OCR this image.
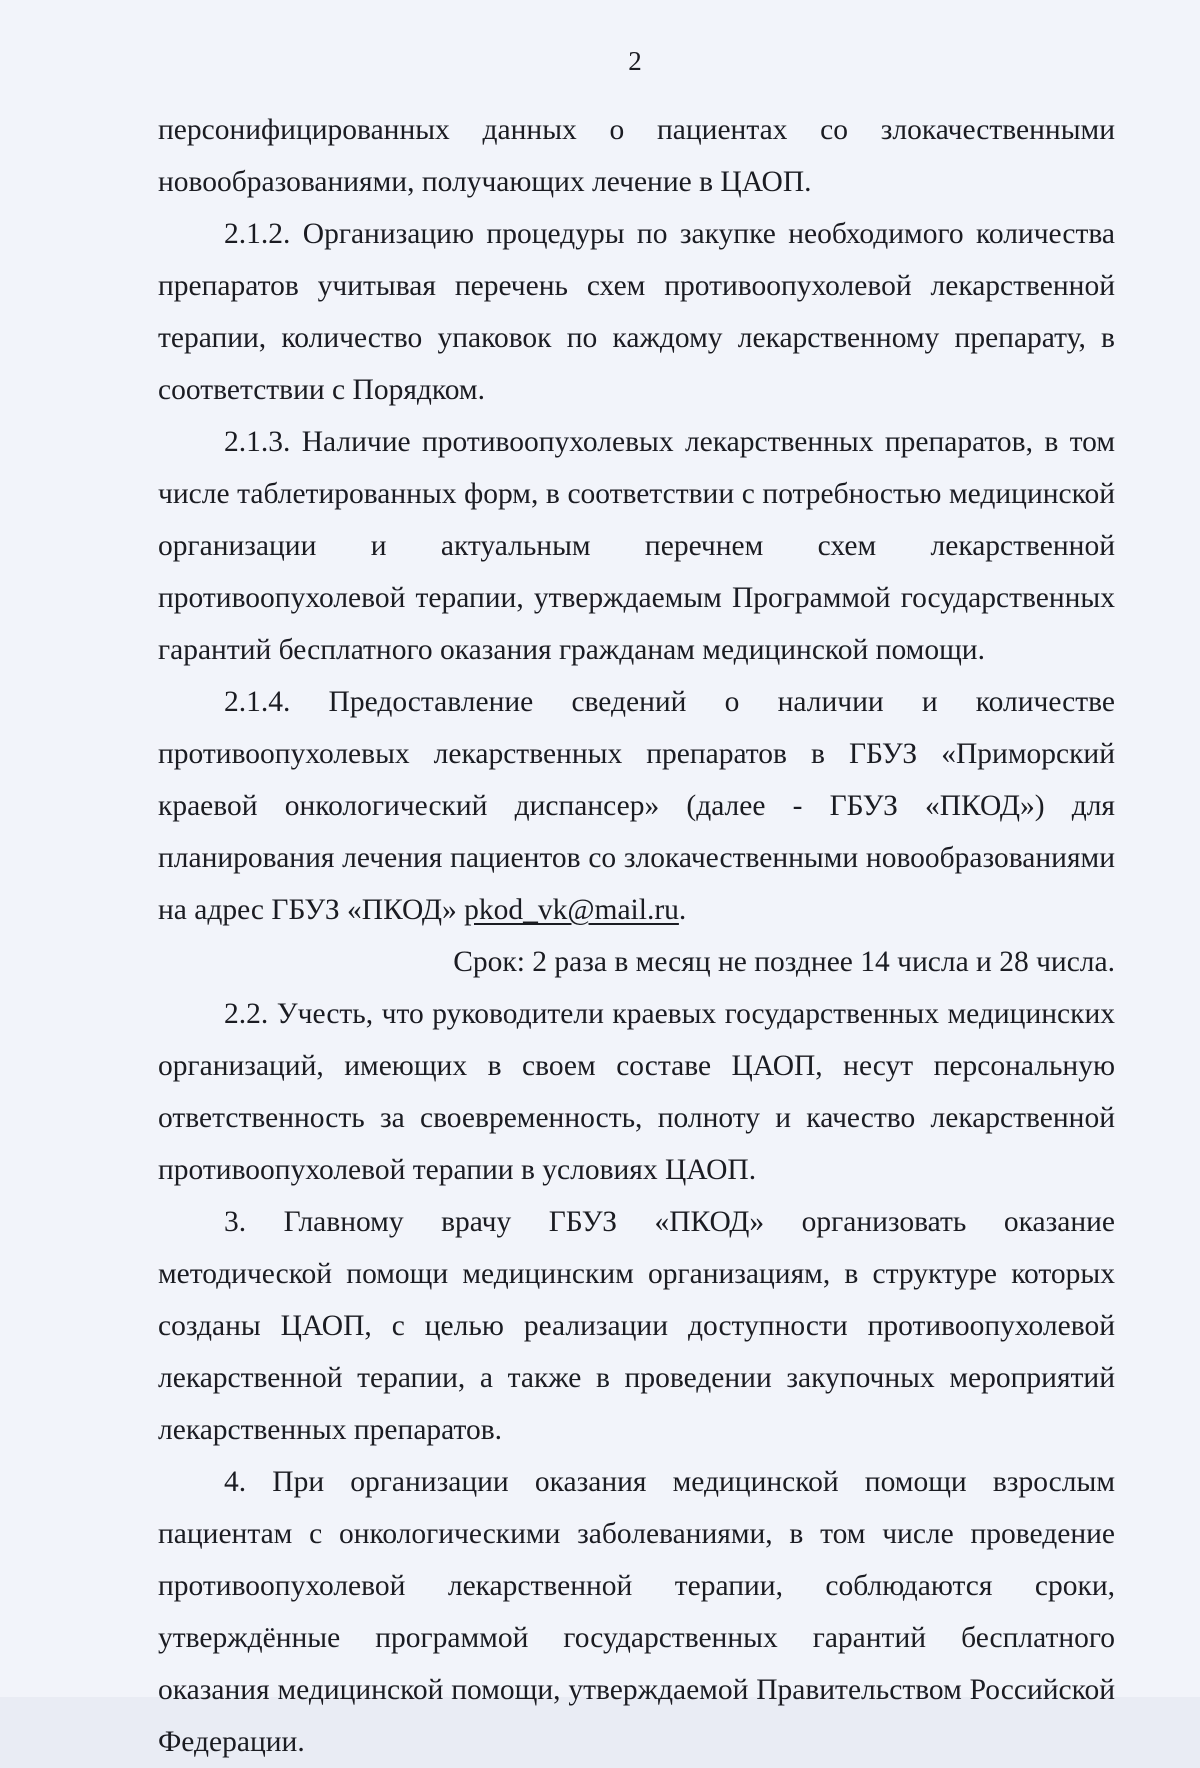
2

персонифицированных данных о пациентах со злокачественными новообразованиями, получающих лечение в ЦАОП.

2.1.2. Организацию процедуры по закупке необходимого количества препаратов учитывая перечень схем противоопухолевой лекарственной терапии, количество упаковок по каждому лекарственному препарату, в соответствии с Порядком.

2.1.3. Наличие противоопухолевых лекарственных препаратов, в том числе таблетированных форм, в соответствии с потребностью медицинской организации и актуальным перечнем схем лекарственной противоопухолевой терапии, утверждаемым Программой государственных гарантий бесплатного оказания гражданам медицинской помощи.

2.1.4. Предоставление сведений о наличии и количестве противоопухолевых лекарственных препаратов в ГБУЗ «Приморский краевой онкологический диспансер» (далее - ГБУЗ «ПКОД») для планирования лечения пациентов со злокачественными новообразованиями на адрес ГБУЗ «ПКОД» pkod_vk@mail.ru.

Срок: 2 раза в месяц не позднее 14 числа и 28 числа.

2.2. Учесть, что руководители краевых государственных медицинских организаций, имеющих в своем составе ЦАОП, несут персональную ответственность за своевременность, полноту и качество лекарственной противоопухолевой терапии в условиях ЦАОП.

3. Главному врачу ГБУЗ «ПКОД» организовать оказание методической помощи медицинским организациям, в структуре которых созданы ЦАОП, с целью реализации доступности противоопухолевой лекарственной терапии, а также в проведении закупочных мероприятий лекарственных препаратов.

4. При организации оказания медицинской помощи взрослым пациентам с онкологическими заболеваниями, в том числе проведение противоопухолевой лекарственной терапии, соблюдаются сроки, утверждённые программой государственных гарантий бесплатного оказания медицинской помощи, утверждаемой Правительством Российской Федерации.
